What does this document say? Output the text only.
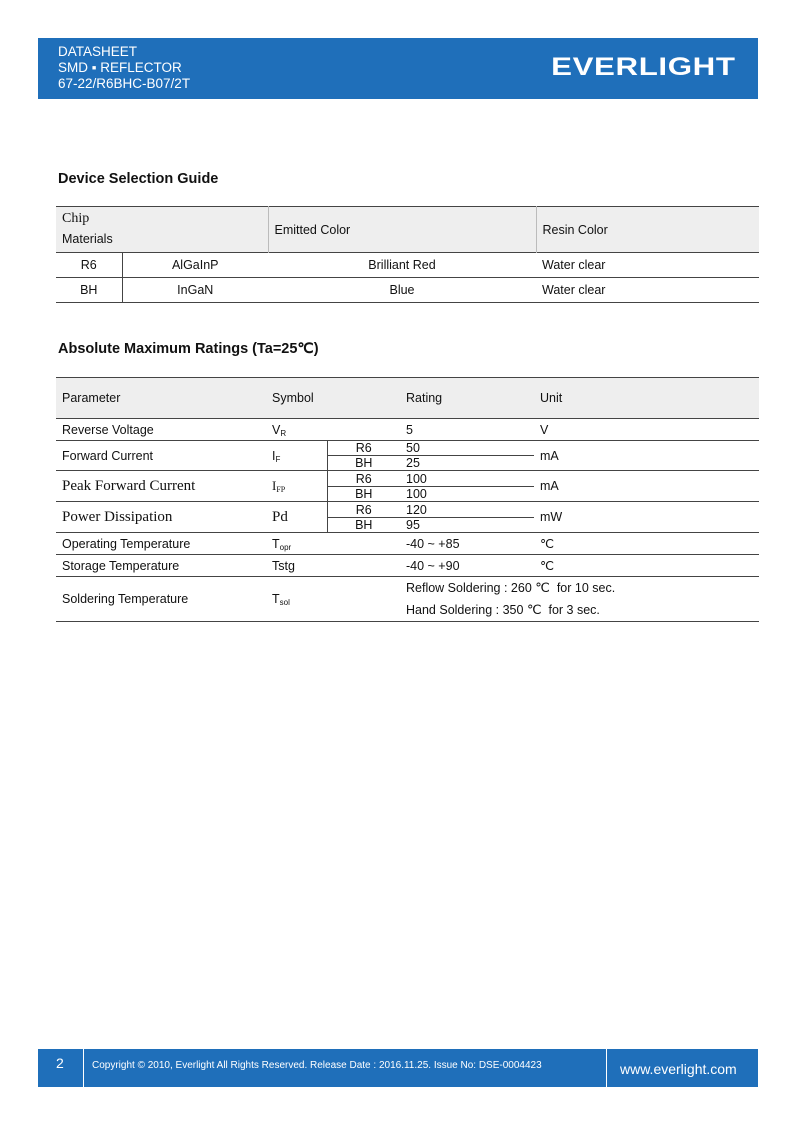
DATASHEET
SMD ▪ REFLECTOR
67-22/R6BHC-B07/2T
EVERLIGHT
Device Selection Guide
Chip
Materials		Emitted Color	Resin Color
R6	AlGaInP	Brilliant Red	Water clear
BH	InGaN	Blue	Water clear
Absolute Maximum Ratings (Ta=25℃)
Parameter	Symbol		Rating	Unit
Reverse Voltage	$V_R$		5	V
Forward Current	$I_F$	R6	50	mA
		BH	25	
Peak Forward Current	$I_{FP}$	R6	100	mA
		BH	100	
Power Dissipation	Pd	R6	120	mW
		BH	95	
Operating Temperature	$T_{opr}$		-40 ~ +85	℃
Storage Temperature	Tstg		-40 ~ +90	℃
Soldering Temperature	$T_{sol}$		Reflow Soldering : 260 ℃ for 10 sec.
Hand Soldering : 350 ℃ for 3 sec.	
2	Copyright © 2010, Everlight All Rights Reserved. Release Date : 2016.11.25. Issue No: DSE-0004423	www.everlight.com
